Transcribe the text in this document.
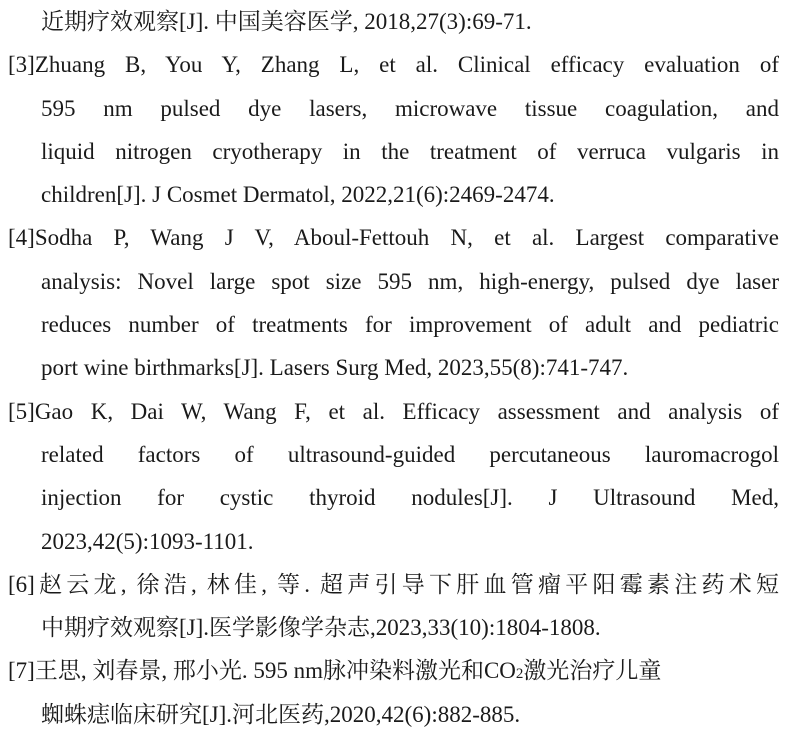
近期疗效观察[J]. 中国美容医学, 2018,27(3):69-71.
[3]Zhuang B, You Y, Zhang L, et al. Clinical efficacy evaluation of
595 nm pulsed dye lasers, microwave tissue coagulation, and
liquid nitrogen cryotherapy in the treatment of verruca vulgaris in
children[J]. J Cosmet Dermatol, 2022,21(6):2469-2474.
[4]Sodha P, Wang J V, Aboul-Fettouh N, et al. Largest comparative
analysis: Novel large spot size 595 nm, high-energy, pulsed dye laser
reduces number of treatments for improvement of adult and pediatric
port wine birthmarks[J]. Lasers Surg Med, 2023,55(8):741-747.
[5]Gao K, Dai W, Wang F, et al. Efficacy assessment and analysis of
related factors of ultrasound-guided percutaneous lauromacrogol
injection for cystic thyroid nodules[J]. J Ultrasound Med,
2023,42(5):1093-1101.
[6]赵云龙, 徐浩, 林佳, 等. 超声引导下肝血管瘤平阳霉素注药术短
中期疗效观察[J].医学影像学杂志,2023,33(10):1804-1808.
[7]王思, 刘春景, 邢小光. 595 nm脉冲染料激光和CO 2 激光治疗儿童
蜘蛛痣临床研究[J].河北医药,2020,42(6):882-885.
